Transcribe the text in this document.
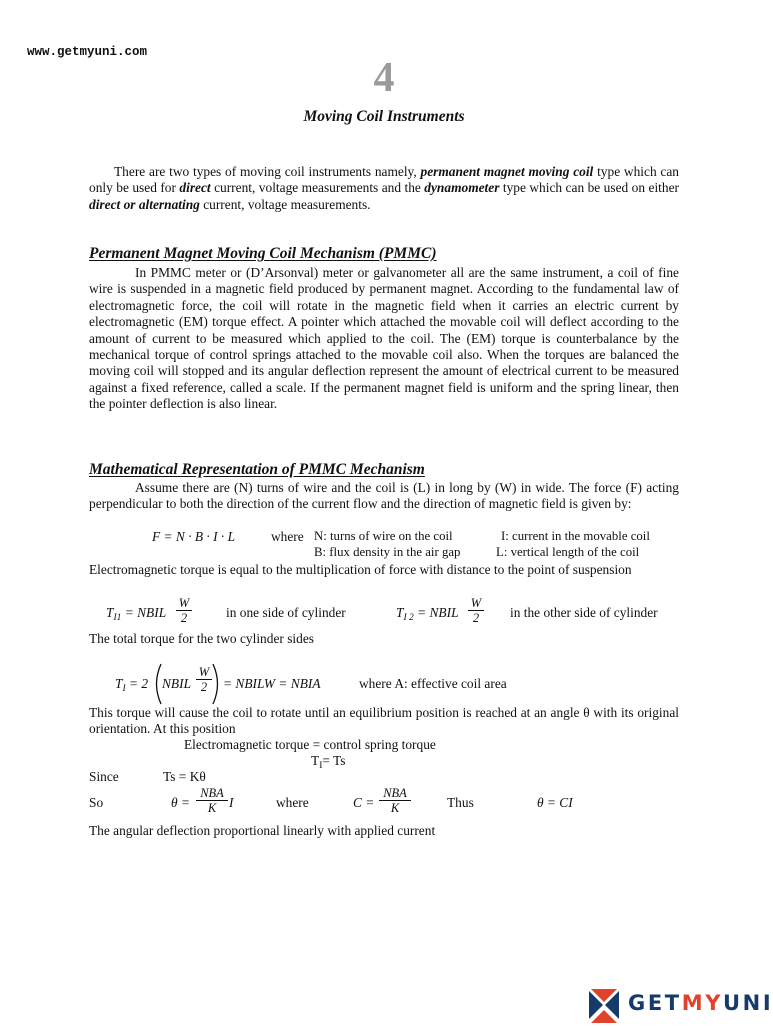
www.getmyuni.com
4
Moving Coil Instruments
There are two types of moving coil instruments namely, permanent magnet moving coil type which can only be used for direct current, voltage measurements and the dynamometer type which can be used on either direct or alternating current, voltage measurements.
Permanent Magnet Moving Coil Mechanism (PMMC)
In PMMC meter or (D’Arsonval) meter or galvanometer all are the same instrument, a coil of fine wire is suspended in a magnetic field produced by permanent magnet. According to the fundamental law of electromagnetic force, the coil will rotate in the magnetic field when it carries an electric current by electromagnetic (EM) torque effect. A pointer which attached the movable coil will deflect according to the amount of current to be measured which applied to the coil. The (EM) torque is counterbalance by the mechanical torque of control springs attached to the movable coil also. When the torques are balanced the moving coil will stopped and its angular deflection represent the amount of electrical current to be measured against a fixed reference, called a scale. If the permanent magnet field is uniform and the spring linear, then the pointer deflection is also linear.
Mathematical Representation of PMMC Mechanism
Assume there are (N) turns of wire and the coil is (L) in long by (W) in wide. The force (F) acting perpendicular to both the direction of the current flow and the direction of magnetic field is given by:
F = N · B · I · L	where N: turns of wire on the coil	I: current in the movable coil
B: flux density in the air gap	L: vertical length of the coil
Electromagnetic torque is equal to the multiplication of force with distance to the point of suspension
$T_{I1}$ = NBIL
W
2	in one side of cylinder	$T_{I 2}$ = NBIL
W
2	in the other side of cylinder
The total torque for the two cylinder sides
$T_I = 2$ NBIL
W
2	= NBILW = NBIA	where A: effective coil area
This torque will cause the coil to rotate until an equilibrium position is reached at an angle θ with its original orientation. At this position
Electromagnetic torque = control spring torque
$T_I= Ts$
Since	Ts = Kθ
So	θ =
NBA
K I	where	C =
NBA
K	Thus	θ = CI
The angular deflection proportional linearly with applied current
GETMYUNI
